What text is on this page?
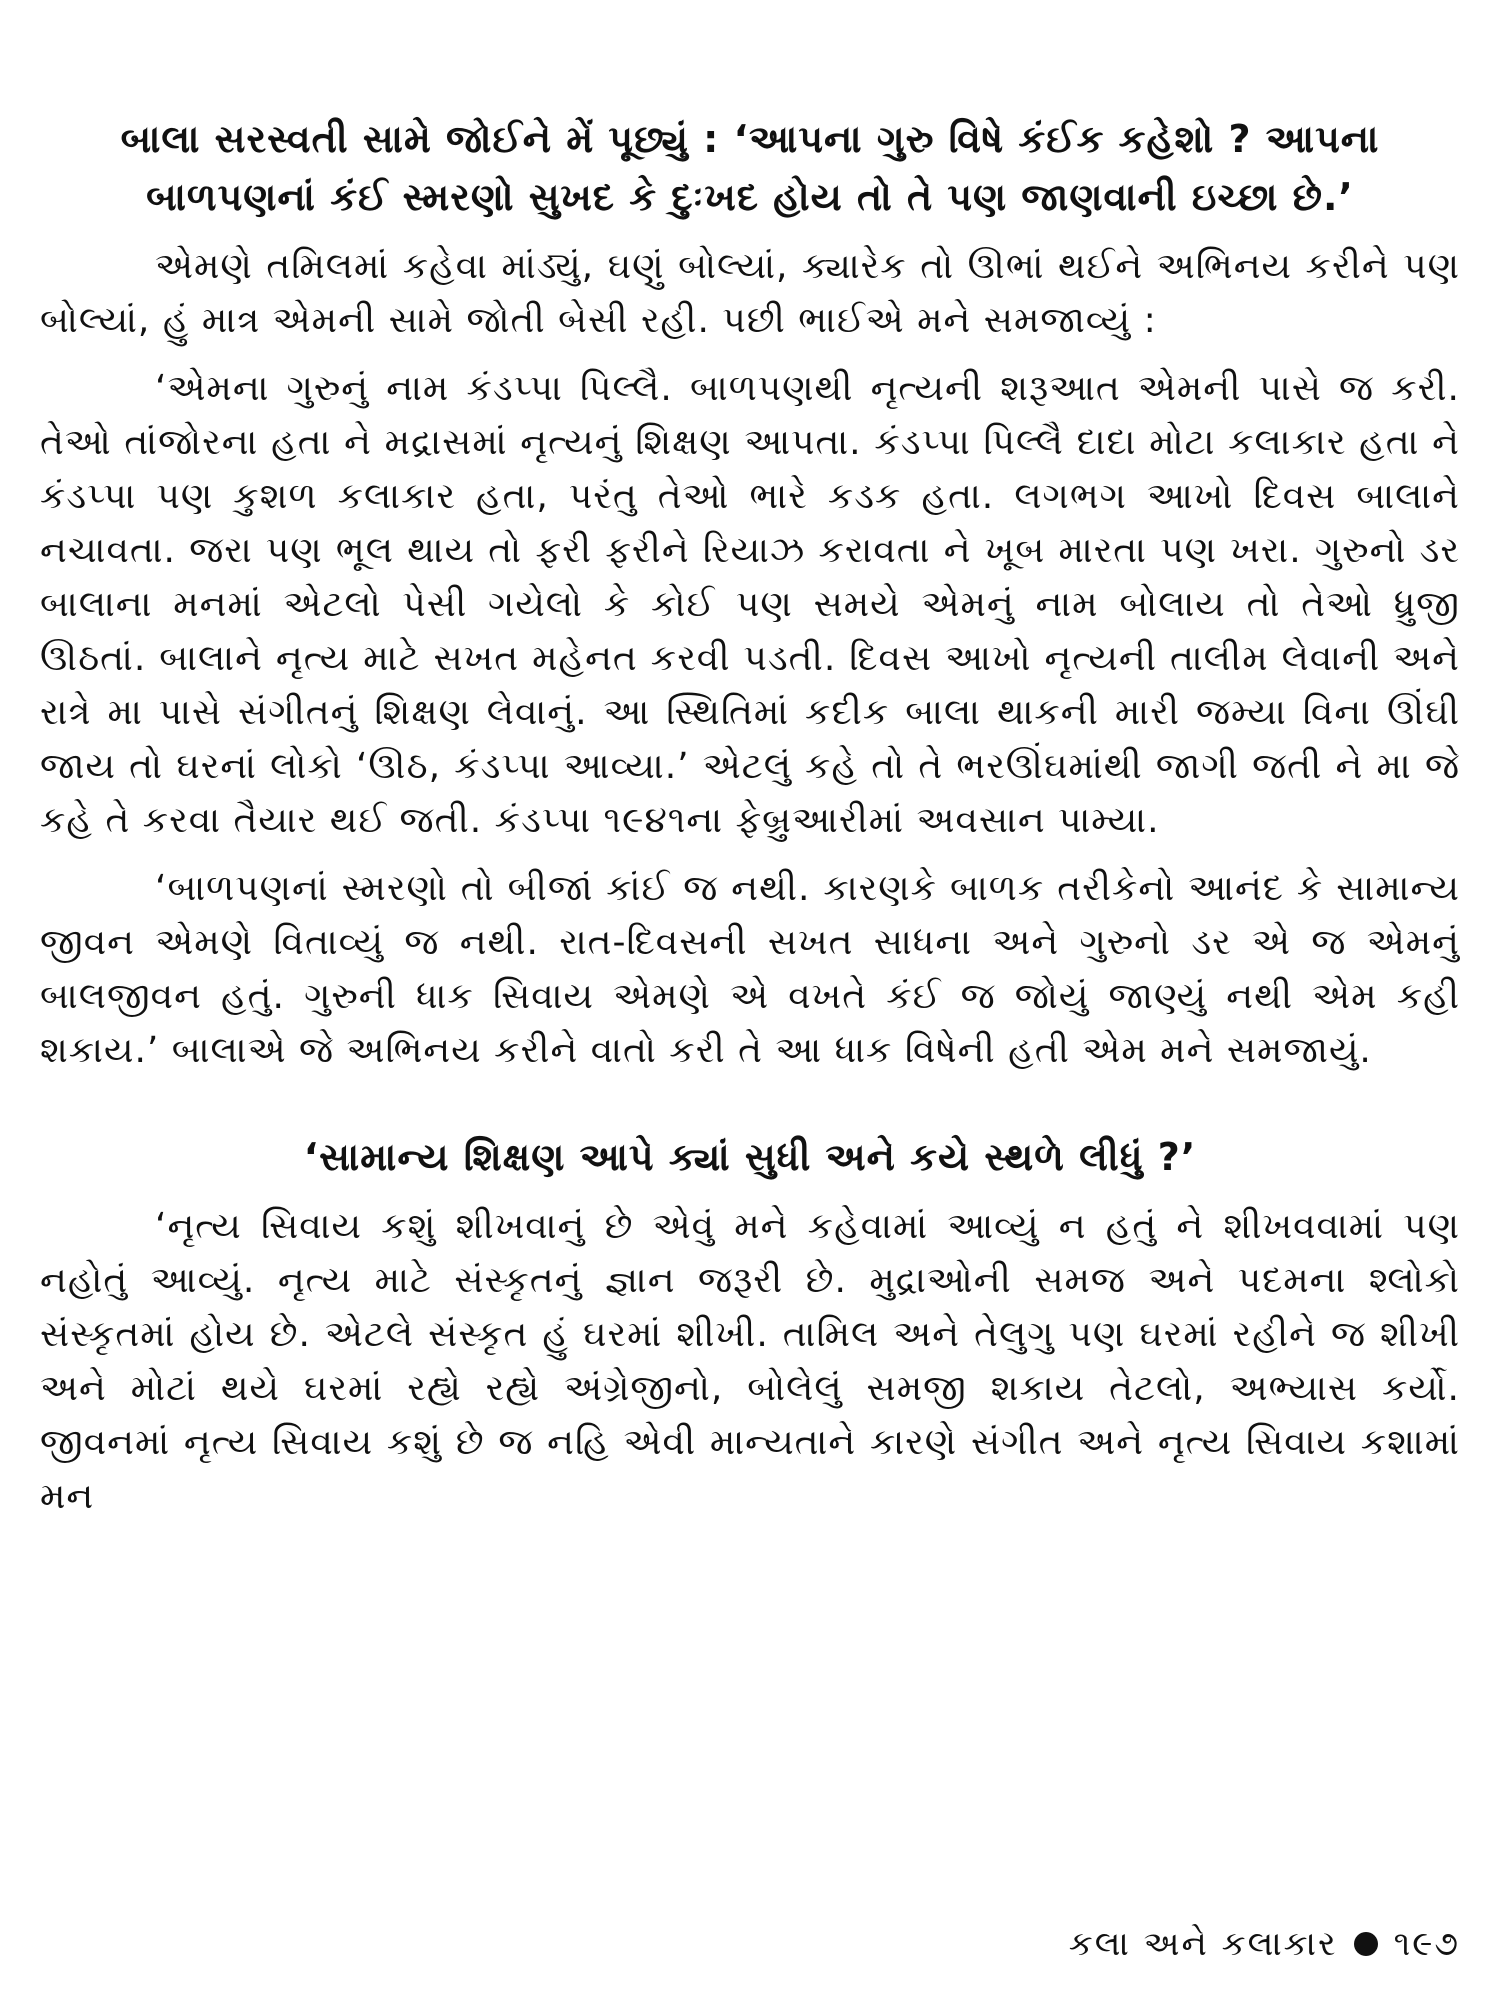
બાલા સરસ્વતી સામે જોઈને મેં પૂછ્યું : ‘આપના ગુરુ વિષે કંઈક કહેશો ? આપના બાળપણનાં કંઈ સ્મરણો સુખદ કે દુઃખદ હોય તો તે પણ જાણવાની ઇચ્છા છે.’

એમણે તમિલમાં કહેવા માંડ્યું, ઘણું બોલ્યાં, ક્યારેક તો ઊભાં થઈને અભિનય કરીને પણ બોલ્યાં, હું માત્ર એમની સામે જોતી બેસી રહી. પછી ભાઈએ મને સમજાવ્યું :

‘એમના ગુરુનું નામ કંડપ્પા પિલ્લૈ. બાળપણથી નૃત્યની શરૂઆત એમની પાસે જ કરી. તેઓ તાંજોરના હતા ને મદ્રાસમાં નૃત્યનું શિક્ષણ આપતા. કંડપ્પા પિલ્લૈ દાદા મોટા કલાકાર હતા ને કંડપ્પા પણ કુશળ કલાકાર હતા, પરંતુ તેઓ ભારે કડક હતા. લગભગ આખો દિવસ બાલાને નચાવતા. જરા પણ ભૂલ થાય તો ફરી ફરીને રિયાઝ કરાવતા ને ખૂબ મારતા પણ ખરા. ગુરુનો ડર બાલાના મનમાં એટલો પેસી ગયેલો કે કોઈ પણ સમયે એમનું નામ બોલાય તો તેઓ ધ્રુજી ઊઠતાં. બાલાને નૃત્ય માટે સખત મહેનત કરવી પડતી. દિવસ આખો નૃત્યની તાલીમ લેવાની અને રાત્રે મા પાસે સંગીતનું શિક્ષણ લેવાનું. આ સ્થિતિમાં કદીક બાલા થાકની મારી જમ્યા વિના ઊંઘી જાય તો ઘરનાં લોકો ‘ઊઠ, કંડપ્પા આવ્યા.’ એટલું કહે તો તે ભરઊંઘમાંથી જાગી જતી ને મા જે કહે તે કરવા તૈયાર થઈ જતી. કંડપ્પા ૧૯૪૧ના ફેબ્રુઆરીમાં અવસાન પામ્યા.

‘બાળપણનાં સ્મરણો તો બીજાં કાંઈ જ નથી. કારણકે બાળક તરીકેનો આનંદ કે સામાન્ય જીવન એમણે વિતાવ્યું જ નથી. રાત-દિવસની સખત સાધના અને ગુરુનો ડર એ જ એમનું બાલજીવન હતું. ગુરુની ધાક સિવાય એમણે એ વખતે કંઈ જ જોયું જાણ્યું નથી એમ કહી શકાય.’ બાલાએ જે અભિનય કરીને વાતો કરી તે આ ધાક વિષેની હતી એમ મને સમજાયું.

‘સામાન્ય શિક્ષણ આપે ક્યાં સુધી અને કયે સ્થળે લીધું ?’

‘નૃત્ય સિવાય કશું શીખવાનું છે એવું મને કહેવામાં આવ્યું ન હતું ને શીખવવામાં પણ નહોતું આવ્યું. નૃત્ય માટે સંસ્કૃતનું જ્ઞાન જરૂરી છે. મુદ્રાઓની સમજ અને પદમના શ્લોકો સંસ્કૃતમાં હોય છે. એટલે સંસ્કૃત હું ઘરમાં શીખી. તામિલ અને તેલુગુ પણ ઘરમાં રહીને જ શીખી અને મોટાં થયે ઘરમાં રહ્યે રહ્યે અંગ્રેજીનો, બોલેલું સમજી શકાય તેટલો, અભ્યાસ કર્યો. જીવનમાં નૃત્ય સિવાય કશું છે જ નહિ એવી માન્યતાને કારણે સંગીત અને નૃત્ય સિવાય કશામાં મન

કલા અને કલાકાર ૧૯૭
